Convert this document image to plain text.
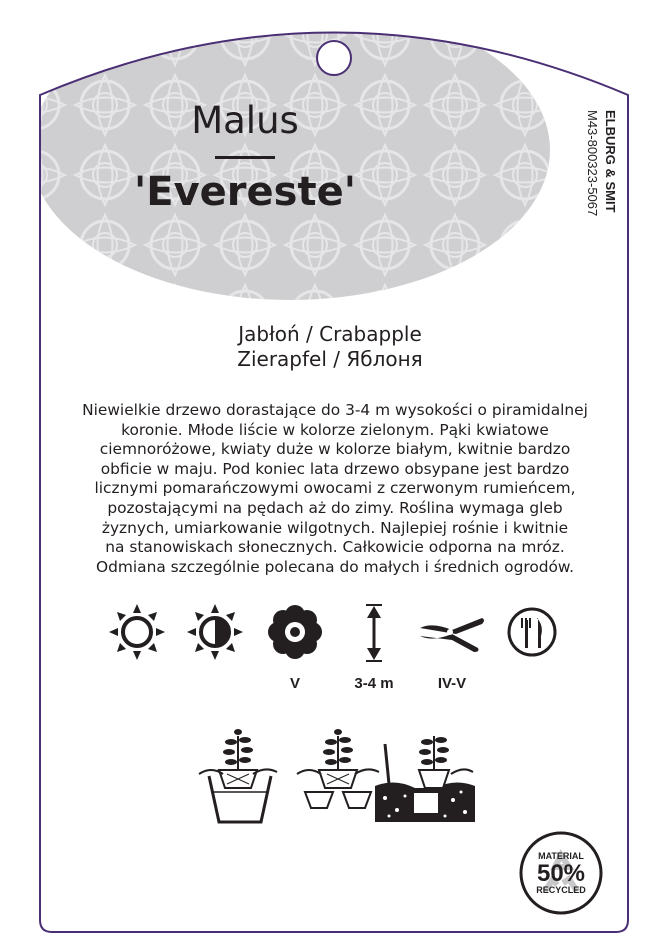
Malus
'Evereste'
Jabłoń / Crabapple
Zierapfel / Яблоня
Niewielkie drzewo dorastające do 3-4 m wysokości o piramidalnej
koronie. Młode liście w kolorze zielonym. Pąki kwiatowe
ciemnoróżowe, kwiaty duże w kolorze białym, kwitnie bardzo
obficie w maju. Pod koniec lata drzewo obsypane jest bardzo
licznymi pomarańczowymi owocami z czerwonym rumieńcem,
pozostającymi na pędach aż do zimy. Roślina wymaga gleb
żyznych, umiarkowanie wilgotnych. Najlepiej rośnie i kwitnie
na stanowiskach słonecznych. Całkowicie odporna na mróz.
Odmiana szczególnie polecana do małych i średnich ogrodów.
ELBURG & SMIT
M43-800323-5067
V	3-4 m	IV-V
MATERIAL
50%
RECYCLED
